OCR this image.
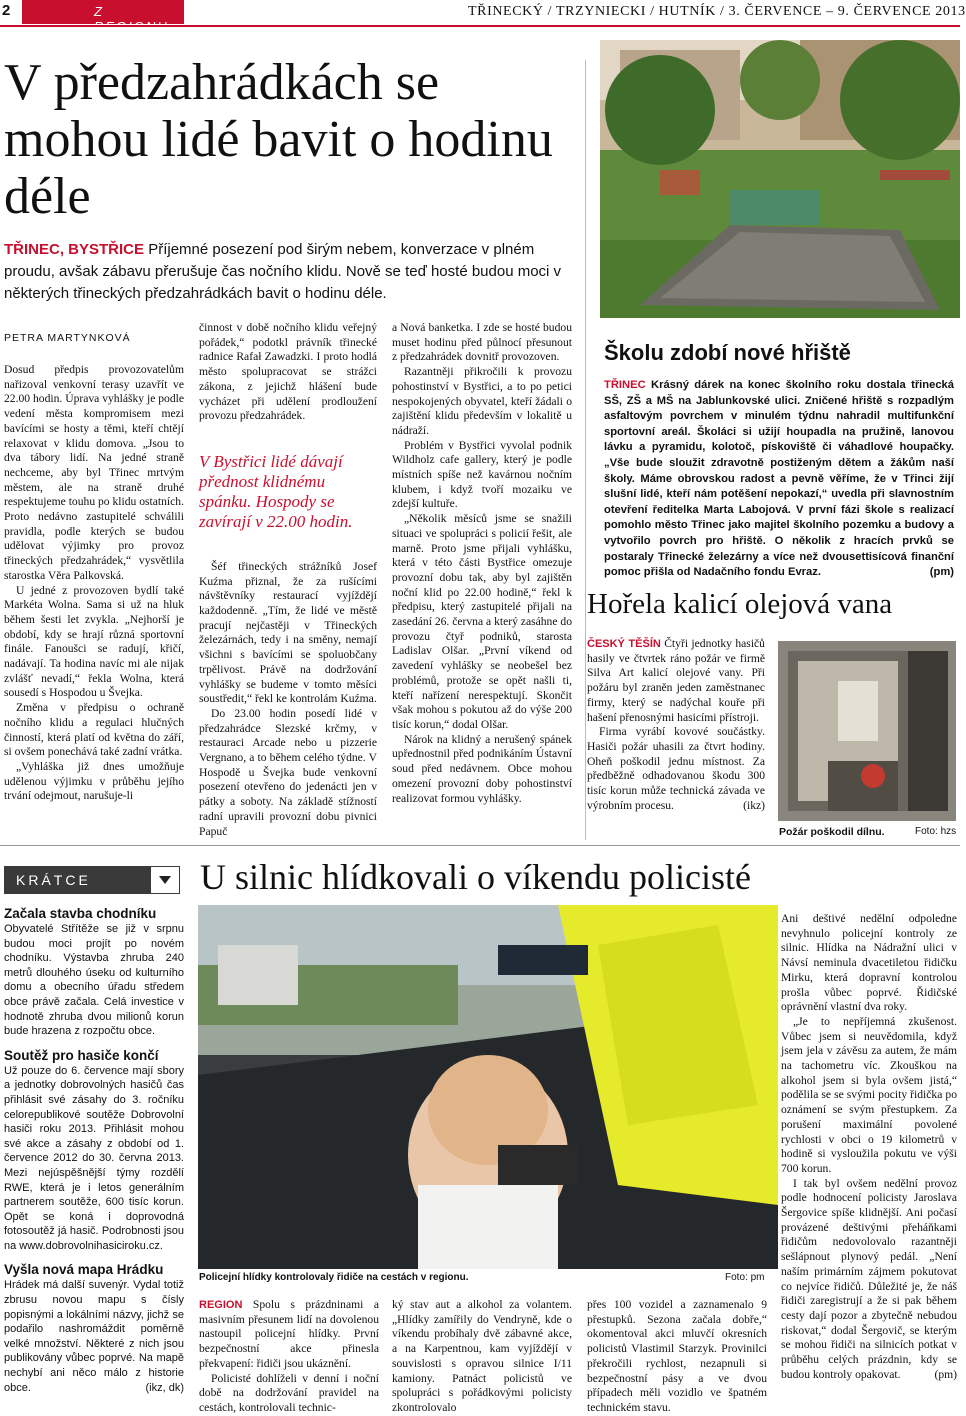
2	Z	TŘINECKÝ / TRZYNIECKI / HUTNÍK / 3. ČERVENCE – 9. ČERVENCE 2013
V předzahrádkách se mohou lidé bavit o hodinu déle
TŘINEC, BYSTŘICE Příjemné posezení pod širým nebem, konverzace v plném proudu, avšak zábavu přerušuje čas nočního klidu. Nově se teď hosté budou moci v některých třineckých předzahrádkách bavit o hodinu déle.
PETRA MARTYNKOVÁ

Dosud předpis provozovatelům nařizoval venkovní terasy uzavřít ve 22.00 hodin. Úprava vyhlášky je podle vedení města kompromisem mezi bavícími se hosty a těmi, kteří chtějí relaxovat v klidu domova. „Jsou to dva tábory lidí. Na jedné straně nechceme, aby byl Třinec mrtvým městem, ale na straně druhé respektujeme touhu po klidu ostatních. Proto nedávno zastupitelé schválili pravidla, podle kterých se budou udělovat výjimky pro provoz třineckých předzahrádek,“ vysvětlila starostka Věra Palkovská.

U jedné z provozoven bydlí také Markéta Wolna. Sama si už na hluk během šesti let zvykla. „Nejhorší je období, kdy se hrají různá sportovní finále. Fanoušci se radují, křičí, nadávají. Ta hodina navíc mi ale nijak zvlášť nevadí,“ řekla Wolna, která sousedí s Hospodou u Švejka.

Změna v předpisu o ochraně nočního klidu a regulaci hlučných činností, která platí od května do září, si ovšem ponechává také zadní vrátka.

„Vyhláška již dnes umožňuje udělenou výjimku v průběhu jejího trvání odejmout, narušuje-li

činnost v době nočního klidu veřejný pořádek,“ podotkl právník třinecké radnice Rafał Zawadzki. I proto hodlá město spolupracovat se strážci zákona, z jejichž hlášení bude vycházet při udělení prodloužení provozu předzahrádek.

V Bystřici lidé dávají přednost klidnému spánku. Hospody se zavírají v 22.00 hodin.

Šéf třineckých strážníků Josef Kuźma přiznal, že za rušícími návštěvníky restaurací vyjíždějí každodenně. „Tím, že lidé ve městě pracují nejčastěji v Třineckých železárnách, tedy i na směny, nemají všichni s bavícími se spoluobčany trpělivost. Právě na dodržování vyhlášky se budeme v tomto měsíci soustředit,“ řekl ke kontrolám Kuźma.

Do 23.00 hodin posedí lidé v předzahrádce Slezské krčmy, v restauraci Arcade nebo u pizzerie Vergnano, a to během celého týdne. V Hospodě u Švejka bude venkovní posezení otevřeno do jedenácti jen v pátky a soboty. Na základě stížností radní upravili provozní dobu pivnici Papuč

a Nová banketka. I zde se hosté budou muset hodinu před půlnocí přesunout z předzahrádek dovnitř provozoven.

Razantněji přikročili k provozu pohostinství v Bystřici, a to po petici nespokojených obyvatel, kteří žádali o zajištění klidu především v lokalitě u nádraží.

Problém v Bystřici vyvolal podnik Wildholz cafe gallery, který je podle místních spíše než kavárnou nočním klubem, i když tvoří mozaiku ve zdejší kultuře.

„Několik měsíců jsme se snažili situaci ve spolupráci s policií řešit, ale marně. Proto jsme přijali vyhlášku, která v této části Bystřice omezuje provozní dobu tak, aby byl zajištěn noční klid po 22.00 hodině,“ řekl k předpisu, který zastupitelé přijali na zasedání 26. června a který zasáhne do provozu čtyř podniků, starosta Ladislav Olšar. „První víkend od zavedení vyhlášky se neobešel bez problémů, protože se opět našli ti, kteří nařízení nerespektují. Skončit však mohou s pokutou až do výše 200 tisíc korun,“ dodal Olšar.

Nárok na klidný a nerušený spánek upřednostnil před podnikáním Ústavní soud před nedávnem. Obce mohou omezení provozní doby pohostinství realizovat formou vyhlášky.

Školu zdobí nové hřiště
TŘINEC Krásný dárek na konec školního roku dostala třinecká SŠ, ZŠ a MŠ na Jablunkovské ulici. Zničené hřiště s rozpadlým asfaltovým povrchem v minulém týdnu nahradil multifunkční sportovní areál. Školáci si užijí houpadla na pružině, lanovou lávku a pyramidu, kolotoč, pískoviště či váhadlové houpačky. „Vše bude sloužit zdravotně postiženým dětem a žákům naší školy. Máme obrovskou radost a pevně věříme, že v Třinci žijí slušní lidé, kteří nám potěšení nepokazí,“ uvedla při slavnostním otevření ředitelka Marta Labojová. V první fázi škole s realizací pomohlo město Třinec jako majitel školního pozemku a budovy a vytvořilo povrch pro hřiště. O několik z hracích prvků se postaraly Třinecké železárny a více než dvousettisícová finanční pomoc přišla od Nadačního fondu Evraz.	(pm)
Hořela kalicí olejová vana

ČESKÝ TĚŠÍN Čtyři jednotky hasičů hasily ve čtvrtek ráno požár ve firmě Silva Art kalicí olejové vany. Při požáru byl zraněn jeden zaměstnanec firmy, který se nadýchal kouře při hašení přenosnými hasicími přístroji.

Firma vyrábí kovové součástky. Hasiči požár uhasili za čtvrt hodiny. Oheň poškodil jednu místnost. Za předběžně odhadovanou škodu 300 tisíc korun může technická závada ve výrobním procesu.	(ikz)

Požár poškodil dílnu.	Foto: hzs
KRÁTCE
Začala stavba chodníku
Obyvatelé Střítěže se již v srpnu budou moci projít po novém chodníku. Výstavba zhruba 240 metrů dlouhého úseku od kulturního domu a obecního úřadu středem obce právě začala. Celá investice v hodnotě zhruba dvou milionů korun bude hrazena z rozpočtu obce.
Soutěž pro hasiče končí
Už pouze do 6. července mají sbory a jednotky dobrovolných hasičů čas přihlásit své zásahy do 3. ročníku celorepublikové soutěže Dobrovolní hasiči roku 2013. Přihlásit mohou své akce a zásahy z období od 1. července 2012 do 30. června 2013. Mezi nejúspěšnější týmy rozdělí RWE, která je i letos generálním partnerem soutěže, 600 tisíc korun. Opět se koná i doprovodná fotosoutěž já hasič. Podrobnosti jsou na www.dobrovolnihasiciroku.cz.
Vyšla nová mapa Hrádku
Hrádek má další suvenýr. Vydal totiž zbrusu novou mapu s čísly popisnými a lokálními názvy, jichž se podařilo nashromáždit poměrně velké množství. Některé z nich jsou publikovány vůbec poprvé. Na mapě nechybí ani něco málo z historie obce.	(ikz, dk)
U silnic hlídkovali o víkendu policisté
Policejní hlídky kontrolovaly řidiče na cestách v regionu.	Foto: pm

Ani deštivé nedělní odpoledne nevyhnulo policejní kontroly ze silnic. Hlídka na Nádražní ulici v Návsí neminula dvacetiletou řidičku Mirku, která dopravní kontrolou prošla vůbec poprvé. Řidičské oprávnění vlastní dva roky.

„Je to nepříjemná zkušenost. Vůbec jsem si neuvědomila, když jsem jela v závěsu za autem, že mám na tachometru víc. Zkouškou na alkohol jsem si byla ovšem jistá,“ podělila se se svými pocity řidička po oznámení se svým přestupkem. Za porušení maximální povolené rychlosti v obci o 19 kilometrů v hodině si vysloužila pokutu ve výši 700 korun.

I tak byl ovšem nedělní provoz podle hodnocení policisty Jaroslava Šergovice spíše klidnější. Ani počasí provázené deštivými přeháňkami řidičům nedovolovalo razantněji sešlápnout plynový pedál. „Není naším primárním zájmem pokutovat co nejvíce řidičů. Důležité je, že náš řidiči zaregistrují a že si pak během cesty dají pozor a zbytečně nebudou riskovat,“ dodal Šergovič, se kterým se mohou řidiči na silnicích potkat v průběhu celých prázdnin, kdy se budou kontroly opakovat.	(pm)

REGION Spolu s prázdninami a masivním přesunem lidí na dovolenou nastoupil policejní hlídky. První bezpečnostní akce přinesla překvapení: řidiči jsou ukáznění.

Policisté dohlíželi v denní i noční době na dodržování pravidel na cestách, kontrolovali technic-

ký stav aut a alkohol za volantem. „Hlídky zamířily do Vendryně, kde o víkendu probíhaly dvě zábavné akce, a na Karpentnou, kam vyjíždějí v souvislosti s opravou silnice I/11 kamiony. Patnáct policistů ve spolupráci s pořádkovými policisty zkontrolovalo

přes 100 vozidel a zaznamenalo 9 přestupků. Sezona začala dobře,“ okomentoval akci mluvčí okresních policistů Vlastimil Starzyk. Provinilci překročili rychlost, nezapnuli si bezpečnostní pásy a ve dvou případech měli vozidlo ve špatném technickém stavu.
